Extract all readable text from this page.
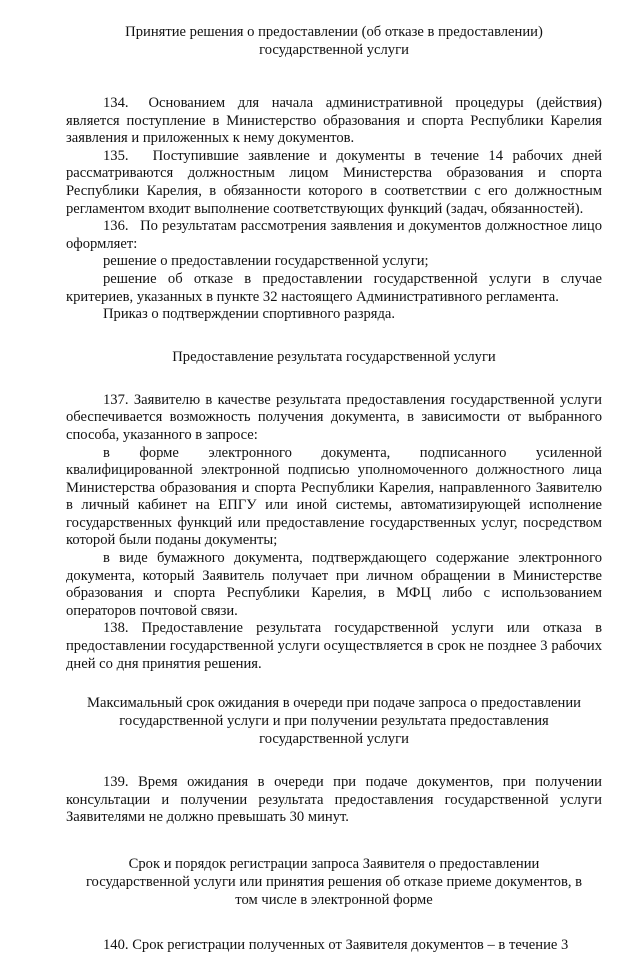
Принятие решения о предоставлении (об отказе в предоставлении)
государственной услуги

134.  Основанием для начала административной процедуры (действия) является поступление в Министерство образования и спорта Республики Карелия заявления и приложенных к нему документов.

135.  Поступившие заявление и документы в течение 14 рабочих дней рассматриваются должностным лицом Министерства образования и спорта Республики Карелия, в обязанности которого в соответствии с его должностным регламентом входит выполнение соответствующих функций (задач, обязанностей).

136.  По результатам рассмотрения заявления и документов должностное лицо оформляет:

решение о предоставлении государственной услуги;

решение об отказе в предоставлении государственной услуги в случае критериев, указанных в пункте 32 настоящего Административного регламента.

Приказ о подтверждении спортивного разряда.

Предоставление результата государственной услуги

137. Заявителю в качестве результата предоставления государственной услуги обеспечивается возможность получения документа, в зависимости от выбранного способа, указанного в запросе:

в форме электронного документа, подписанного усиленной квалифицированной электронной подписью уполномоченного должностного лица Министерства образования и спорта Республики Карелия, направленного Заявителю в личный кабинет на ЕПГУ или иной системы, автоматизирующей исполнение государственных функций или предоставление государственных услуг, посредством которой были поданы документы;

в виде бумажного документа, подтверждающего содержание электронного документа, который Заявитель получает при личном обращении в Министерстве образования и спорта Республики Карелия, в МФЦ либо с использованием операторов почтовой связи.

138. Предоставление результата государственной услуги или отказа в предоставлении государственной услуги осуществляется в срок не позднее 3 рабочих дней со дня принятия решения.

Максимальный срок ожидания в очереди при подаче запроса о предоставлении
государственной услуги и при получении результата предоставления
государственной услуги

139. Время ожидания в очереди при подаче документов, при получении консультации и получении результата предоставления государственной услуги Заявителями не должно превышать 30 минут.

Срок и порядок регистрации запроса Заявителя о предоставлении
государственной услуги или принятия решения об отказе приеме документов, в
том числе в электронной форме

140. Срок регистрации полученных от Заявителя документов – в течение 3
